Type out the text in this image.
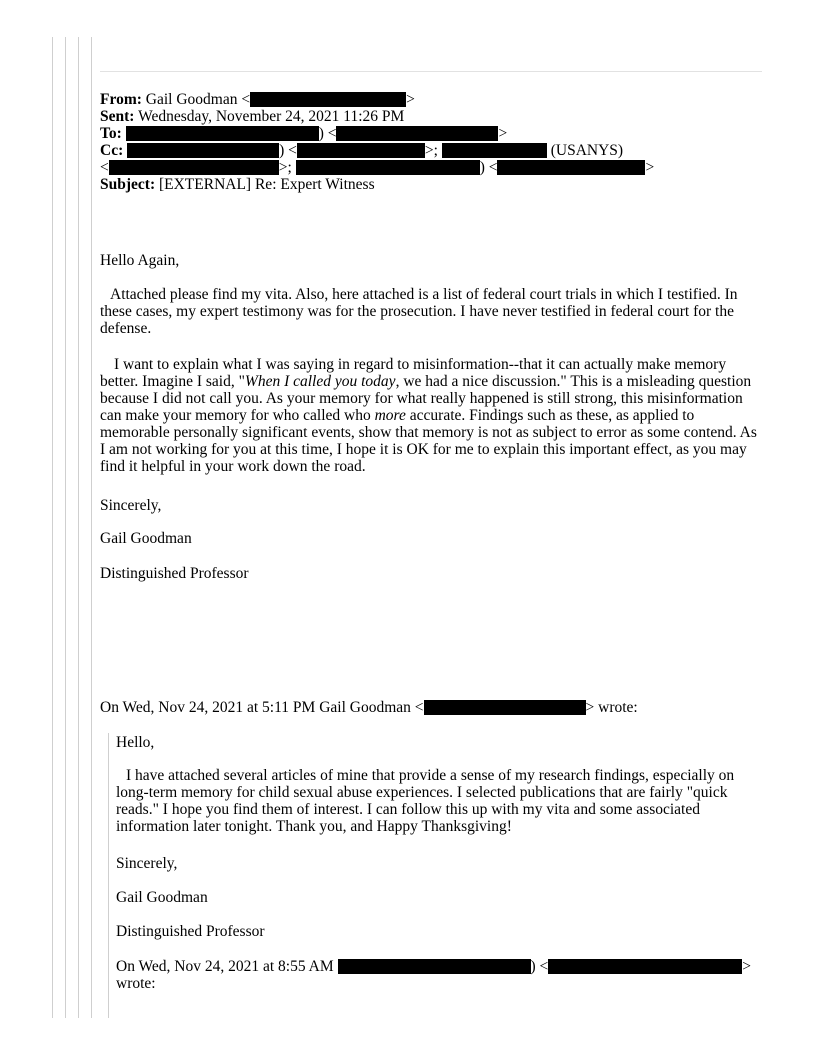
From: Gail Goodman <	>
Sent: Wednesday, November 24, 2021 11:26 PM
To:	) <	>
Cc:	) <	>;	(USANYS)
<	>;	) <	>
Subject: [EXTERNAL] Re: Expert Witness

Hello Again,

Attached please find my vita. Also, here attached is a list of federal court trials in which I testified. In these cases, my expert testimony was for the prosecution. I have never testified in federal court for the defense.

I want to explain what I was saying in regard to misinformation--that it can actually make memory better. Imagine I said, "When I called you today, we had a nice discussion." This is a misleading question because I did not call you. As your memory for what really happened is still strong, this misinformation can make your memory for who called who more accurate. Findings such as these, as applied to memorable personally significant events, show that memory is not as subject to error as some contend. As I am not working for you at this time, I hope it is OK for me to explain this important effect, as you may find it helpful in your work down the road.

Sincerely,

Gail Goodman

Distinguished Professor

On Wed, Nov 24, 2021 at 5:11 PM Gail Goodman <	> wrote:

Hello,

I have attached several articles of mine that provide a sense of my research findings, especially on long-term memory for child sexual abuse experiences. I selected publications that are fairly "quick reads." I hope you find them of interest. I can follow this up with my vita and some associated information later tonight. Thank you, and Happy Thanksgiving!

Sincerely,

Gail Goodman

Distinguished Professor

On Wed, Nov 24, 2021 at 8:55 AM	) <	>

wrote:
